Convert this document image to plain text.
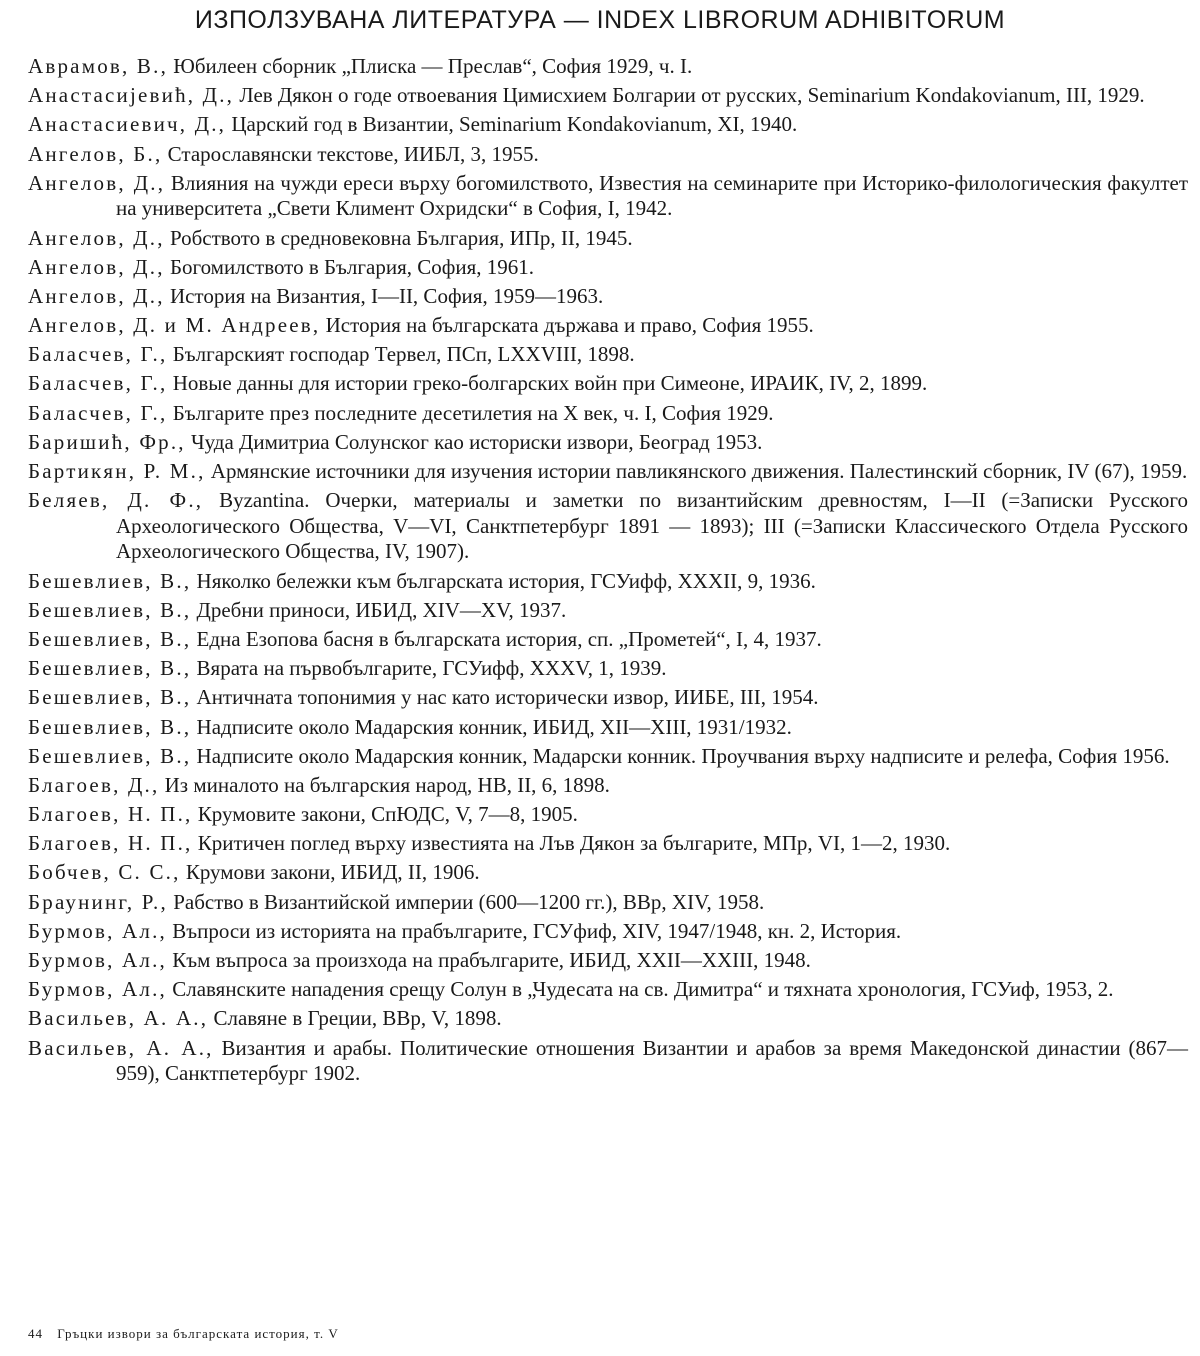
ИЗПОЛЗУВАНА ЛИТЕРАТУРА — INDEX LIBRORUM ADHIBITORUM
Аврамов, В., Юбилеен сборник „Плиска — Преслав“, София 1929, ч. I.
Анастасијевић, Д., Лев Дякон о годе отвоевания Цимисхием Болгарии от русских, Seminarium Kondakovianum, III, 1929.
Анастасиевич, Д., Царский год в Византии, Seminarium Kondakovianum, XI, 1940.
Ангелов, Б., Старославянски текстове, ИИБЛ, 3, 1955.
Ангелов, Д., Влияния на чужди ереси върху богомилството, Известия на семинарите при Историко-филологическия факултет на университета „Свети Климент Охридски“ в София, I, 1942.
Ангелов, Д., Робството в средновековна България, ИПр, II, 1945.
Ангелов, Д., Богомилството в България, София, 1961.
Ангелов, Д., История на Византия, I—II, София, 1959—1963.
Ангелов, Д. и М. Андреев, История на българската държава и право, София 1955.
Баласчев, Г., Българският господар Тервел, ПСп, LXXVIII, 1898.
Баласчев, Г., Новые данны для истории греко-болгарских войн при Симеоне, ИРАИК, IV, 2, 1899.
Баласчев, Г., Българите през последните десетилетия на X век, ч. I, София 1929.
Баришић, Фр., Чуда Димитриа Солунског као историски извори, Београд 1953.
Бартикян, Р. М., Армянские источники для изучения истории павликянского движения. Палестинский сборник, IV (67), 1959.
Беляев, Д. Ф., Byzantina. Очерки, материалы и заметки по византийским древностям, I—II (=Записки Русского Археологического Общества, V—VI, Санктпетербург 1891 — 1893); III (=Записки Классического Отдела Русского Археологического Общества, IV, 1907).
Бешевлиев, В., Няколко бележки към българската история, ГСУифф, XXXII, 9, 1936.
Бешевлиев, В., Дребни приноси, ИБИД, XIV—XV, 1937.
Бешевлиев, В., Една Езопова басня в българската история, сп. „Прометей“, I, 4, 1937.
Бешевлиев, В., Вярата на първобългарите, ГСУифф, XXXV, 1, 1939.
Бешевлиев, В., Античната топонимия у нас като исторически извор, ИИБЕ, III, 1954.
Бешевлиев, В., Надписите около Мадарския конник, ИБИД, XII—XIII, 1931/1932.
Бешевлиев, В., Надписите около Мадарския конник, Мадарски конник. Проучвания върху надписите и релефа, София 1956.
Благоев, Д., Из миналото на българския народ, НВ, II, 6, 1898.
Благоев, Н. П., Крумовите закони, СпЮДС, V, 7—8, 1905.
Благоев, Н. П., Критичен поглед върху известията на Лъв Дякон за българите, МПр, VI, 1—2, 1930.
Бобчев, С. С., Крумови закони, ИБИД, II, 1906.
Браунинг, Р., Рабство в Византийской империи (600—1200 гг.), ВВр, XIV, 1958.
Бурмов, Ал., Въпроси из историята на прабългарите, ГСУфиф, XIV, 1947/1948, кн. 2, История.
Бурмов, Ал., Към въпроса за произхода на прабългарите, ИБИД, XXII—XXIII, 1948.
Бурмов, Ал., Славянските нападения срещу Солун в „Чудесата на св. Димитра“ и тяхната хронология, ГСУиф, 1953, 2.
Васильев, А. А., Славяне в Греции, ВВр, V, 1898.
Васильев, А. А., Византия и арабы. Политические отношения Византии и арабов за время Македонской династии (867—959), Санктпетербург 1902.
44 Гръцки извори за българската история, т. V
